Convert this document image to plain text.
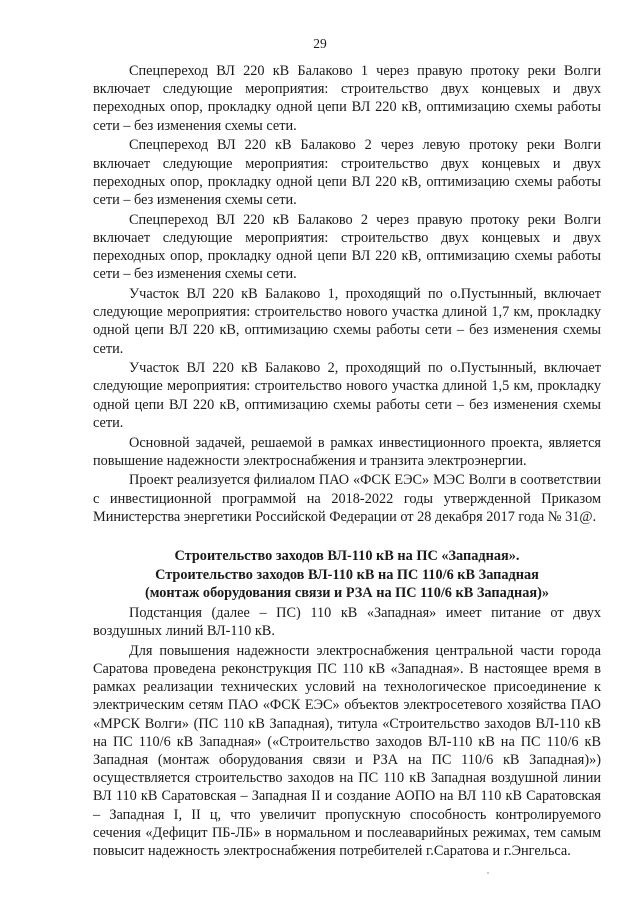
29

Спецпереход ВЛ 220 кВ Балаково 1 через правую протоку реки Волги включает следующие мероприятия: строительство двух концевых и двух переходных опор, прокладку одной цепи ВЛ 220 кВ, оптимизацию схемы работы сети – без изменения схемы сети.

Спецпереход ВЛ 220 кВ Балаково 2 через левую протоку реки Волги включает следующие мероприятия: строительство двух концевых и двух переходных опор, прокладку одной цепи ВЛ 220 кВ, оптимизацию схемы работы сети – без изменения схемы сети.

Спецпереход ВЛ 220 кВ Балаково 2 через правую протоку реки Волги включает следующие мероприятия: строительство двух концевых и двух переходных опор, прокладку одной цепи ВЛ 220 кВ, оптимизацию схемы работы сети – без изменения схемы сети.

Участок ВЛ 220 кВ Балаково 1, проходящий по о.Пустынный, включает следующие мероприятия: строительство нового участка длиной 1,7 км, прокладку одной цепи ВЛ 220 кВ, оптимизацию схемы работы сети – без изменения схемы сети.

Участок ВЛ 220 кВ Балаково 2, проходящий по о.Пустынный, включает следующие мероприятия: строительство нового участка длиной 1,5 км, прокладку одной цепи ВЛ 220 кВ, оптимизацию схемы работы сети – без изменения схемы сети.

Основной задачей, решаемой в рамках инвестиционного проекта, является повышение надежности электроснабжения и транзита электроэнергии.

Проект реализуется филиалом ПАО «ФСК ЕЭС» МЭС Волги в соответствии с инвестиционной программой на 2018-2022 годы утвержденной Приказом Министерства энергетики Российской Федерации от 28 декабря 2017 года № 31@.

Строительство заходов ВЛ-110 кВ на ПС «Западная».
Строительство заходов ВЛ-110 кВ на ПС 110/6 кВ Западная
(монтаж оборудования связи и РЗА на ПС 110/6 кВ Западная)»

Подстанция (далее – ПС) 110 кВ «Западная» имеет питание от двух воздушных линий ВЛ-110 кВ.

Для повышения надежности электроснабжения центральной части города Саратова проведена реконструкция ПС 110 кВ «Западная». В настоящее время в рамках реализации технических условий на технологическое присоединение к электрическим сетям ПАО «ФСК ЕЭС» объектов электросетевого хозяйства ПАО «МРСК Волги» (ПС 110 кВ Западная), титула «Строительство заходов ВЛ-110 кВ на ПС 110/6 кВ Западная» («Строительство заходов ВЛ-110 кВ на ПС 110/6 кВ Западная (монтаж оборудования связи и РЗА на ПС 110/6 кВ Западная)») осуществляется строительство заходов на ПС 110 кВ Западная воздушной линии ВЛ 110 кВ Саратовская – Западная II и создание АОПО на ВЛ 110 кВ Саратовская – Западная I, II ц, что увеличит пропускную способность контролируемого сечения «Дефицит ПБ-ЛБ» в нормальном и послеаварийных режимах, тем самым повысит надежность электроснабжения потребителей г.Саратова и г.Энгельса.
